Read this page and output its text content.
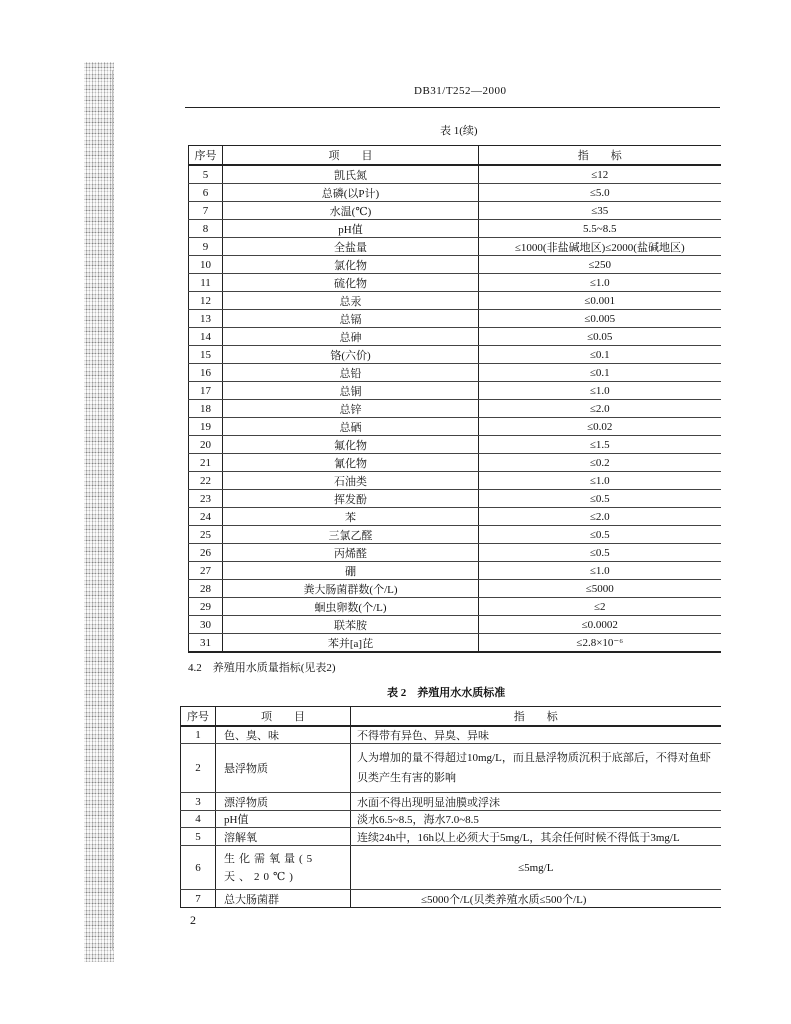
DB31/T252—2000
表 1(续)
序号	项　　目	指　　标
5	凯氏氮	≤12
6	总磷(以P计)	≤5.0
7	水温(℃)	≤35
8	pH值	5.5~8.5
9	全盐量	≤1000(非盐碱地区)≤2000(盐碱地区)
10	氯化物	≤250
11	硫化物	≤1.0
12	总汞	≤0.001
13	总镉	≤0.005
14	总砷	≤0.05
15	铬(六价)	≤0.1
16	总铅	≤0.1
17	总铜	≤1.0
18	总锌	≤2.0
19	总硒	≤0.02
20	氟化物	≤1.5
21	氰化物	≤0.2
22	石油类	≤1.0
23	挥发酚	≤0.5
24	苯	≤2.0
25	三氯乙醛	≤0.5
26	丙烯醛	≤0.5
27	硼	≤1.0
28	粪大肠菌群数(个/L)	≤5000
29	蛔虫卵数(个/L)	≤2
30	联苯胺	≤0.0002
31	苯并[a]芘	≤2.8×10⁻⁶
4.2　养殖用水质量指标(见表2)
表 2　养殖用水水质标准
序号	项　　目	指　　标
1	色、臭、味	不得带有异色、异臭、异味
2	悬浮物质	人为增加的量不得超过10mg/L，而且悬浮物质沉积于底部后，不得对鱼虾贝类产生有害的影响
3	漂浮物质	水面不得出现明显油膜或浮沫
4	pH值	淡水6.5~8.5，海水7.0~8.5
5	溶解氧	连续24h中，16h以上必须大于5mg/L，其余任何时候不得低于3mg/L
6	生化需氧量(5天、20℃)	≤5mg/L
7	总大肠菌群	≤5000个/L(贝类养殖水质≤500个/L)
2
